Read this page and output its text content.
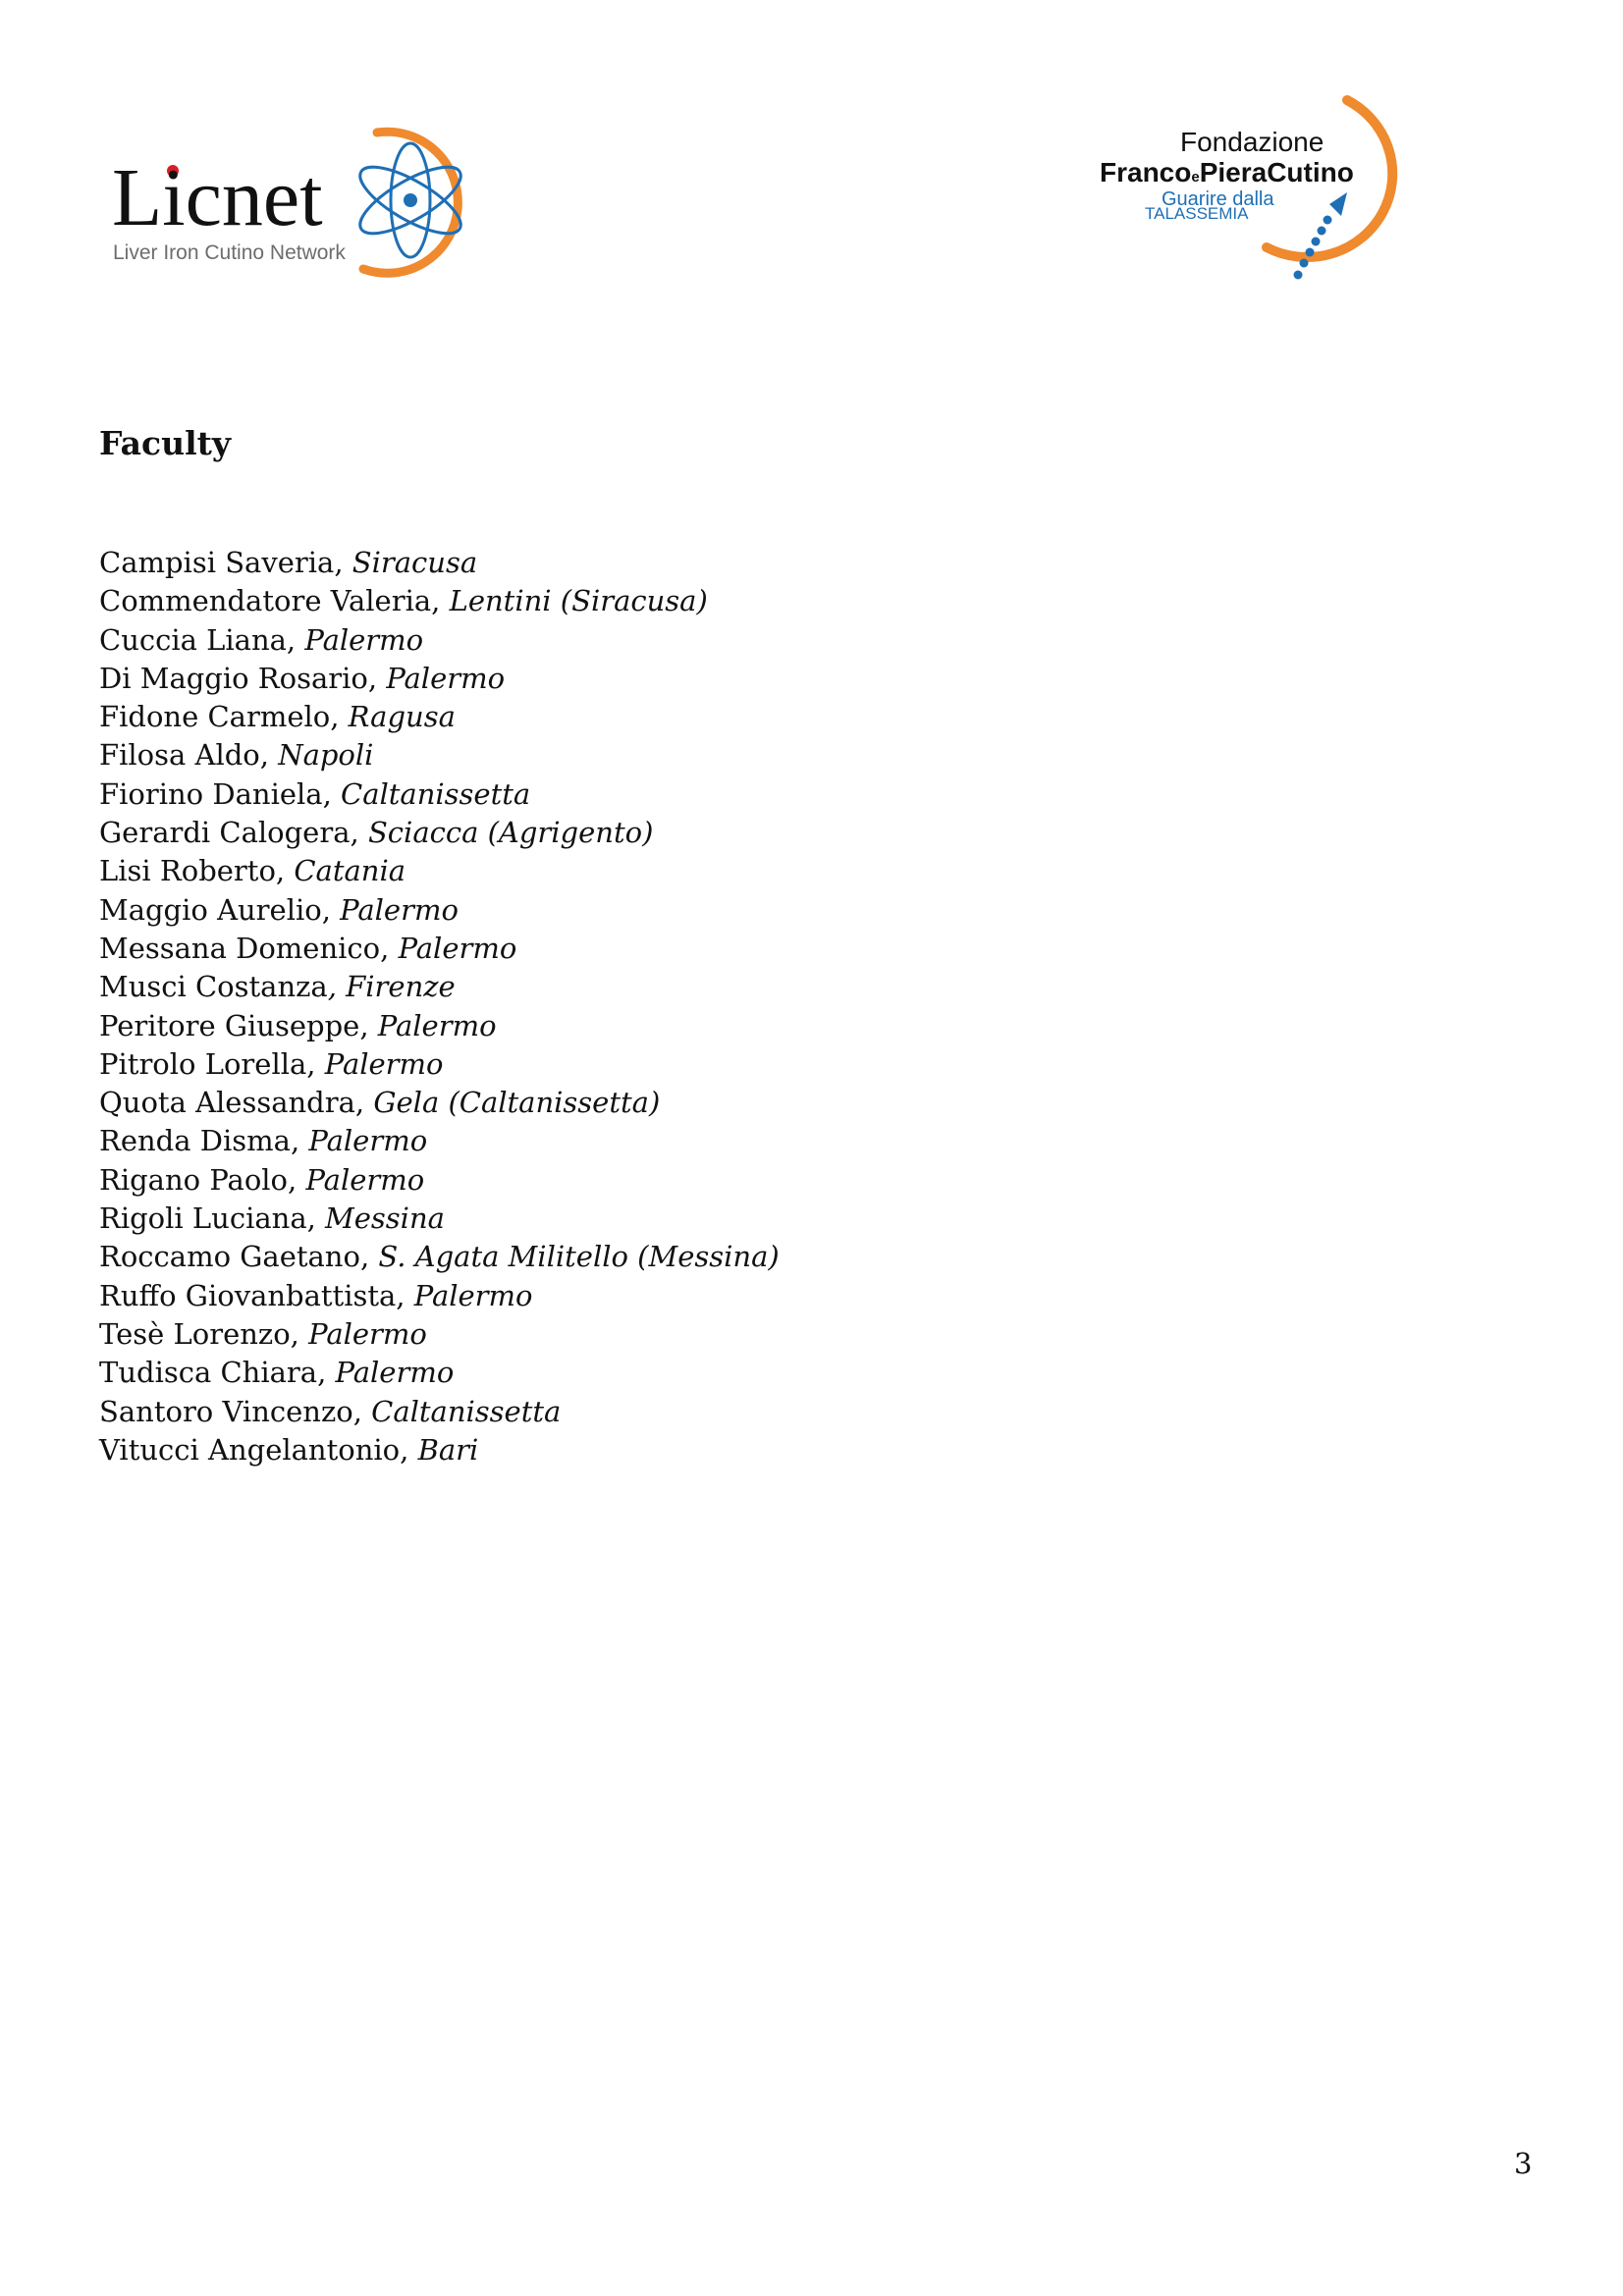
Licnet
Liver Iron Cutino Network
Fondazione
FrancoePieraCutino
Guarire dalla
TALASSEMIA
Faculty
Campisi Saveria, Siracusa
Commendatore Valeria, Lentini (Siracusa)
Cuccia Liana, Palermo
Di Maggio Rosario, Palermo
Fidone Carmelo, Ragusa
Filosa Aldo, Napoli
Fiorino Daniela, Caltanissetta
Gerardi Calogera, Sciacca (Agrigento)
Lisi Roberto, Catania
Maggio Aurelio, Palermo
Messana Domenico, Palermo
Musci Costanza, Firenze
Peritore Giuseppe, Palermo
Pitrolo Lorella, Palermo
Quota Alessandra, Gela (Caltanissetta)
Renda Disma, Palermo
Rigano Paolo, Palermo
Rigoli Luciana, Messina
Roccamo Gaetano, S. Agata Militello (Messina)
Ruffo Giovanbattista, Palermo
Tesè Lorenzo, Palermo
Tudisca Chiara, Palermo
Santoro Vincenzo, Caltanissetta
Vitucci Angelantonio, Bari
3
